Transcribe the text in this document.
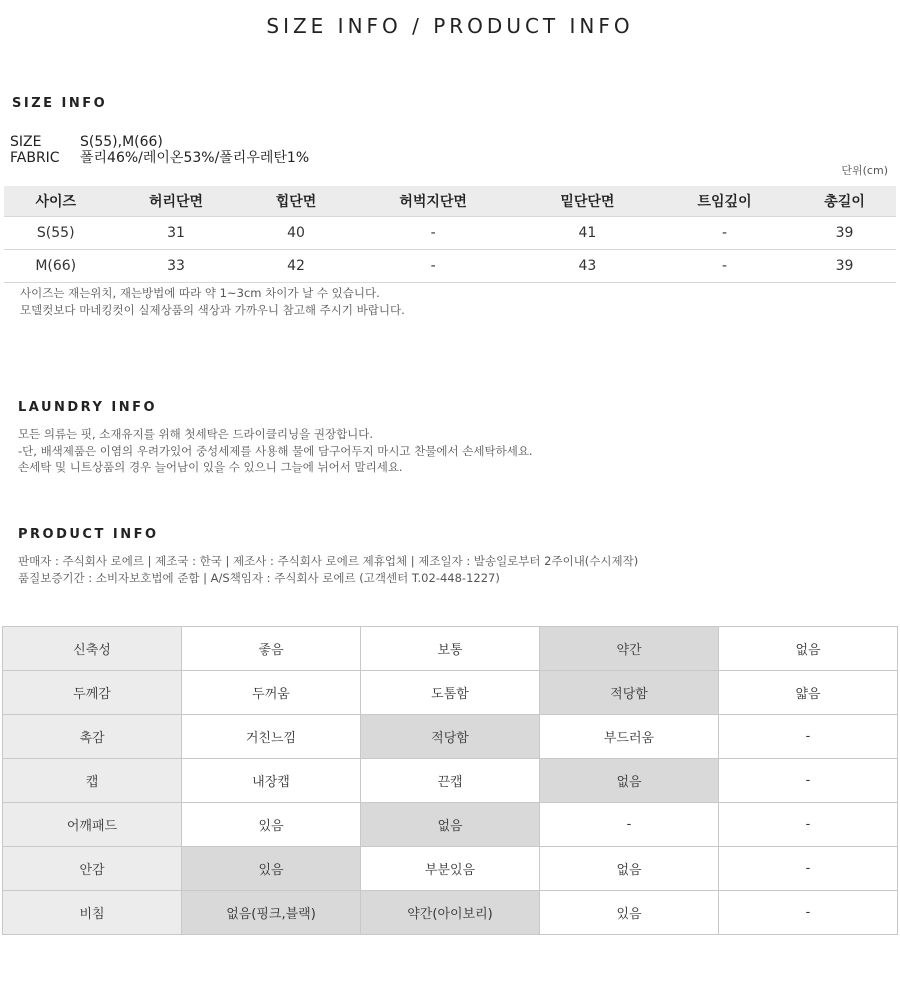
SIZE INFO / PRODUCT INFO
SIZE INFO
SIZE	S(55),M(66)
FABRIC 폴리46%/레이온53%/폴리우레탄1%
단위(cm)
사이즈	허리단면	힙단면	허벅지단면	밑단단면	트임깊이	총길이
S(55)	31	40	-	41	-	39
M(66)	33	42	-	43	-	39
사이즈는 재는위치, 재는방법에 따라 약 1~3cm 차이가 날 수 있습니다.
모델컷보다 마네킹컷이 실제상품의 색상과 가까우니 참고해 주시기 바랍니다.
LAUNDRY INFO
모든 의류는 핏, 소재유지를 위해 첫세탁은 드라이클리닝을 권장합니다.
-단, 배색제품은 이염의 우려가있어 중성세제를 사용해 물에 담구어두지 마시고 찬물에서 손세탁하세요.
손세탁 및 니트상품의 경우 늘어남이 있을 수 있으니 그늘에 뉘어서 말리세요.
PRODUCT INFO
판매자 : 주식회사 로에르 | 제조국 : 한국 | 제조사 : 주식회사 로에르 제휴업체 | 제조일자 : 발송일로부터 2주이내(수시제작)
품질보증기간 : 소비자보호법에 준함 | A/S책임자 : 주식회사 로에르 (고객센터 T.02-448-1227)
신축성	좋음	보통	약간	없음
두께감	두꺼움	도톰함	적당함	얇음
촉감	거친느낌	적당함	부드러움	-
캡	내장캡	끈캡	없음	-
어깨패드	있음	없음	-	-
안감	있음	부분있음	없음	-
비침	없음(핑크,블랙)	약간(아이보리)	있음	-
